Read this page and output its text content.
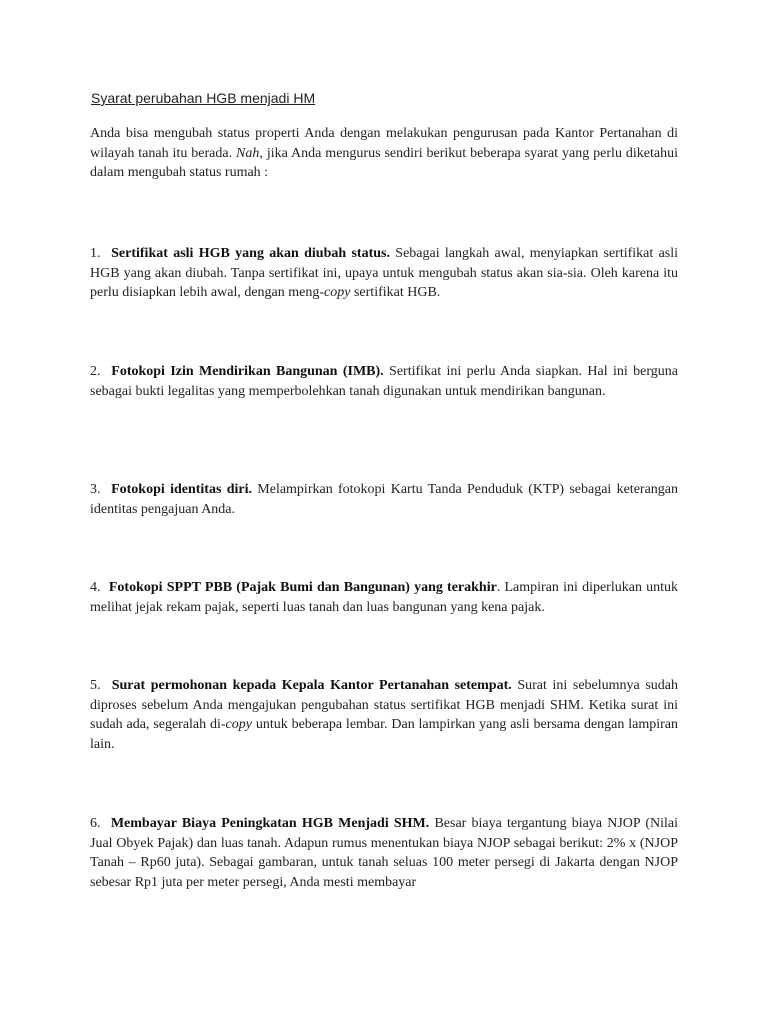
Syarat perubahan HGB menjadi HM

Anda bisa mengubah status properti Anda dengan melakukan pengurusan pada Kantor Pertanahan di wilayah tanah itu berada. Nah, jika Anda mengurus sendiri berikut beberapa syarat yang perlu diketahui dalam mengubah status rumah :

1. Sertifikat asli HGB yang akan diubah status. Sebagai langkah awal, menyiapkan sertifikat asli HGB yang akan diubah. Tanpa sertifikat ini, upaya untuk mengubah status akan sia-sia. Oleh karena itu perlu disiapkan lebih awal, dengan meng-copy sertifikat HGB.

2. Fotokopi Izin Mendirikan Bangunan (IMB). Sertifikat ini perlu Anda siapkan. Hal ini berguna sebagai bukti legalitas yang memperbolehkan tanah digunakan untuk mendirikan bangunan.

3. Fotokopi identitas diri. Melampirkan fotokopi Kartu Tanda Penduduk (KTP) sebagai keterangan identitas pengajuan Anda.

4. Fotokopi SPPT PBB (Pajak Bumi dan Bangunan) yang terakhir. Lampiran ini diperlukan untuk melihat jejak rekam pajak, seperti luas tanah dan luas bangunan yang kena pajak.

5. Surat permohonan kepada Kepala Kantor Pertanahan setempat. Surat ini sebelumnya sudah diproses sebelum Anda mengajukan pengubahan status sertifikat HGB menjadi SHM. Ketika surat ini sudah ada, segeralah di-copy untuk beberapa lembar. Dan lampirkan yang asli bersama dengan lampiran lain.

6. Membayar Biaya Peningkatan HGB Menjadi SHM. Besar biaya tergantung biaya NJOP (Nilai Jual Obyek Pajak) dan luas tanah. Adapun rumus menentukan biaya NJOP sebagai berikut: 2% x (NJOP Tanah – Rp60 juta). Sebagai gambaran, untuk tanah seluas 100 meter persegi di Jakarta dengan NJOP sebesar Rp1 juta per meter persegi, Anda mesti membayar
